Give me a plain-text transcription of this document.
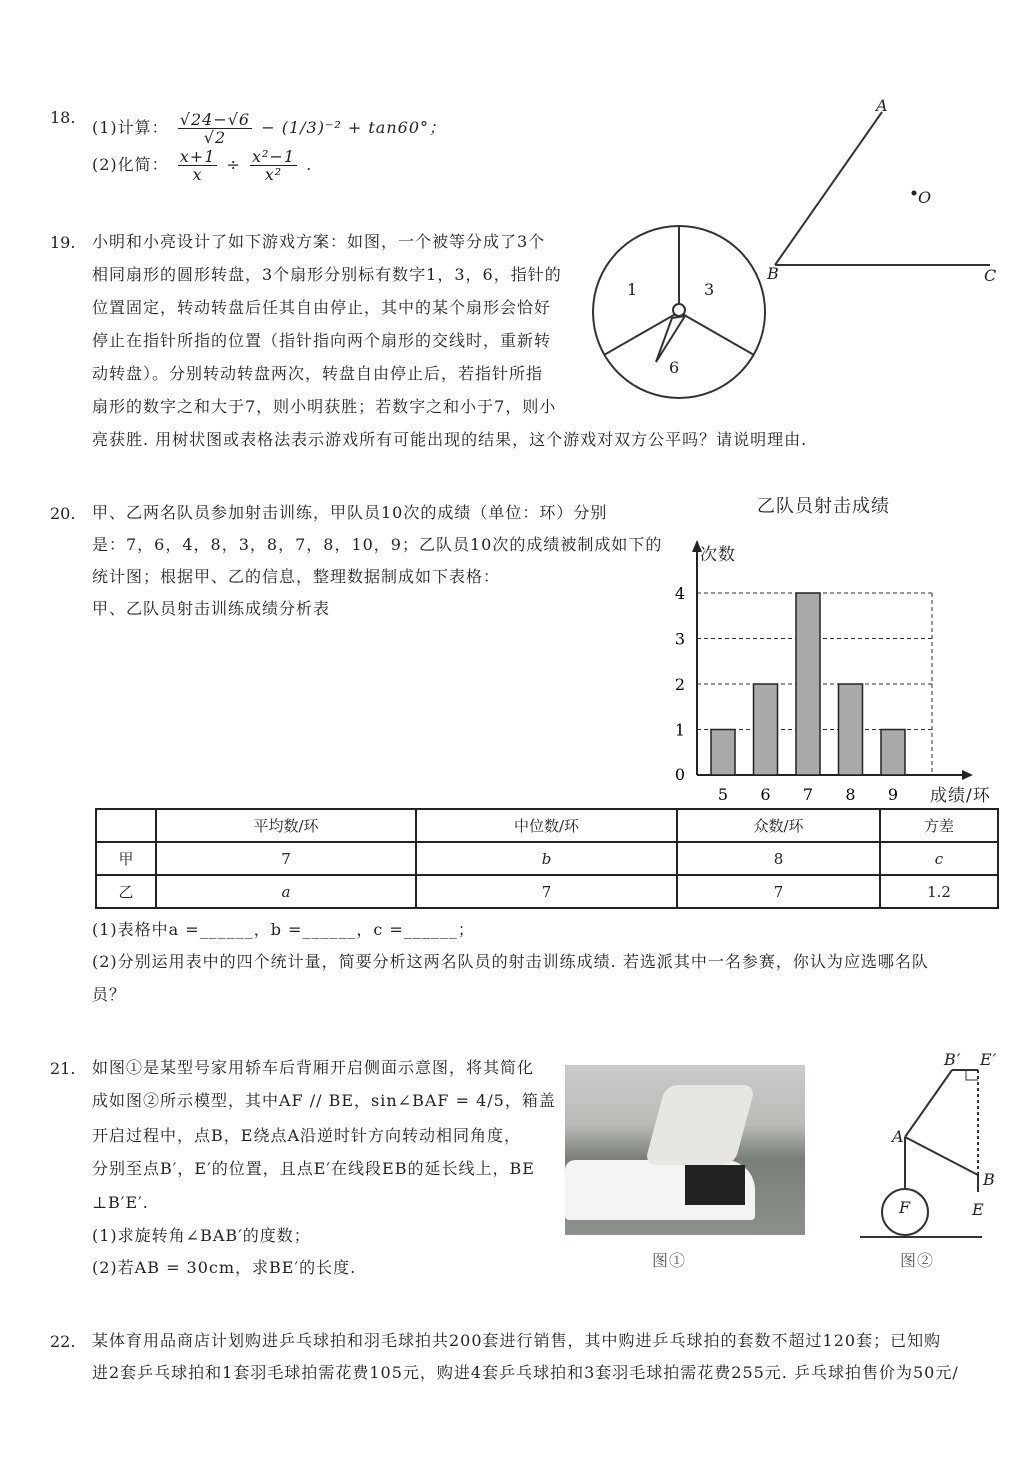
18.
(1)计算： $\frac{√24-√6}{√2} - (1/3)^{-2} + \tan 60^\circ$；
(2)化简： $\frac{x+1}{x} \div \frac{\text{x²−1}}{\text{x²}}$ .
5 6 7 8 9
0
1
2
3
4
A
O
B	C
1	3
6
19. 小明和小亮设计了如下游戏方案：如图，一个被等分成了3个
相同扇形的圆形转盘，3个扇形分别标有数字1，3，6，指针的
位置固定，转动转盘后任其自由停止，其中的某个扇形会恰好
停止在指针所指的位置（指针指向两个扇形的交线时，重新转
动转盘）。分别转动转盘两次，转盘自由停止后，若指针所指
扇形的数字之和大于7，则小明获胜；若数字之和小于7，则小
亮获胜. 用树状图或表格法表示游戏所有可能出现的结果，这个游戏对双方公平吗？请说明理由.
20. 甲、乙两名队员参加射击训练，甲队员10次的成绩（单位：环）分别
是：7，6，4，8，3，8，7，8，10，9；乙队员10次的成绩被制成如下的
统计图；根据甲、乙的信息，整理数据制成如下表格：
甲、乙队员射击训练成绩分析表
乙队员射击成绩
次数
成绩/环
	平均数/环	中位数/环	众数/环	方差
甲	7	b	8	c
乙	a	7	7	1.2
(1)表格中a =______，b =______，c =______；
(2)分别运用表中的四个统计量，简要分析这两名队员的射击训练成绩. 若选派其中一名参赛，你认为应选哪名队
员？
21. 如图①是某型号家用轿车后背厢开启侧面示意图，将其简化
成如图②所示模型，其中AF // BE，sin∠BAF = 4/5，箱盖
开启过程中，点B，E绕点A沿逆时针方向转动相同角度，
分别至点B′，E′的位置，且点E′在线段EB的延长线上，BE
⊥B′E′.
(1)求旋转角∠BAB′的度数；
(2)若AB = 30cm，求BE′的长度.	图①	图②
B′ E′
A
B
F	E
22. 某体育用品商店计划购进乒乓球拍和羽毛球拍共200套进行销售，其中购进乒乓球拍的套数不超过120套；已知购
进2套乒乓球拍和1套羽毛球拍需花费105元，购进4套乒乓球拍和3套羽毛球拍需花费255元. 乒乓球拍售价为50元/
